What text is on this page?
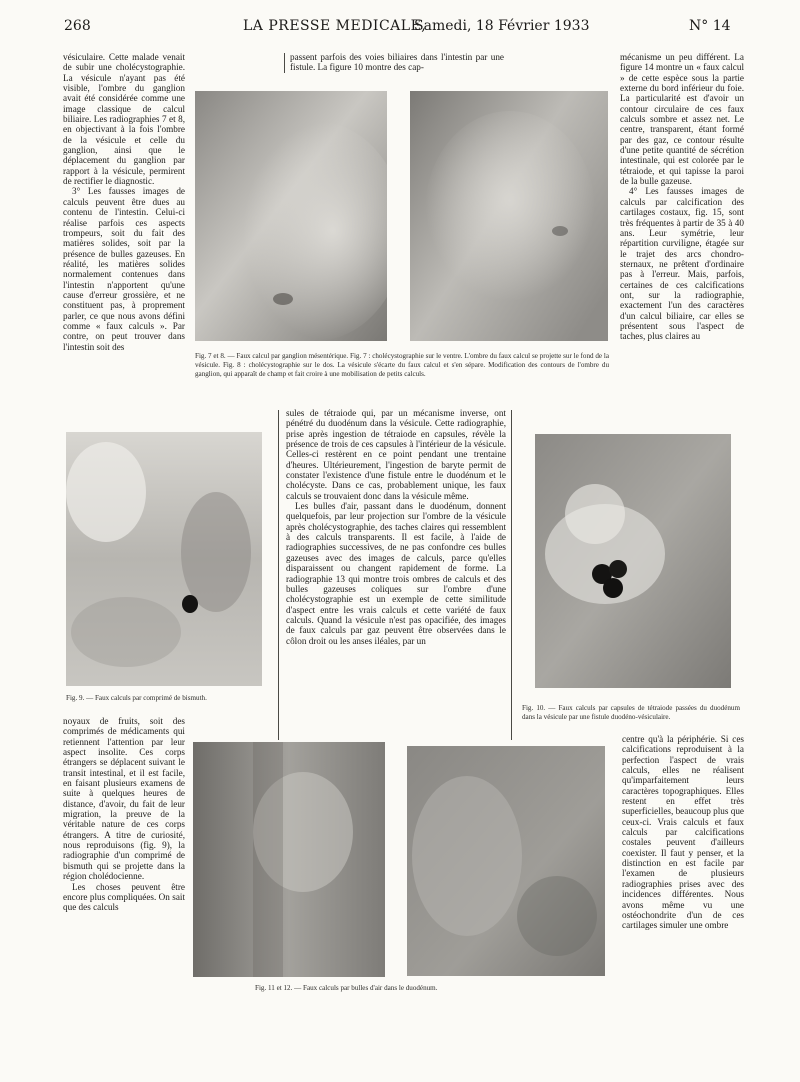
268	LA PRESSE MEDICALE,
Samedi, 18 Février 1933	N° 14

vésiculaire. Cette malade venait de subir une cholécystographie. La vésicule n'ayant pas été visible, l'ombre du ganglion avait été considérée comme une image classique de calcul biliaire. Les radiographies 7 et 8, en objectivant à la fois l'ombre de la vésicule et celle du ganglion, ainsi que le déplacement du ganglion par rapport à la vésicule, permirent de rectifier le diagnostic.

3° Les fausses images de calculs peuvent être dues au contenu de l'intestin. Celui-ci réalise parfois ces aspects trompeurs, soit du fait des matières solides, soit par la présence de bulles gazeuses. En réalité, les matières solides normalement contenues dans l'intestin n'apportent qu'une cause d'erreur grossière, et ne constituent pas, à proprement parler, ce que nous avons défini comme « faux calculs ». Par contre, on peut trouver dans l'intestin soit des

passent parfois des voies biliaires dans l'intestin par une fistule. La figure 10 montre des cap-

mécanisme un peu différent. La figure 14 montre un « faux calcul » de cette espèce sous la partie externe du bord inférieur du foie. La particularité est d'avoir un contour circulaire de ces faux calculs sombre et assez net. Le centre, transparent, étant formé par des gaz, ce contour résulte d'une petite quantité de sécrétion intestinale, qui est colorée par le tétraiode, et qui tapisse la paroi de la bulle gazeuse.

4° Les fausses images de calculs par calcification des cartilages costaux, fig. 15, sont très fréquentes à partir de 35 à 40 ans. Leur symétrie, leur répartition curviligne, étagée sur le trajet des arcs chondro-sternaux, ne prêtent d'ordinaire pas à l'erreur. Mais, parfois, certaines de ces calcifications ont, sur la radiographie, exactement l'un des caractères d'un calcul biliaire, car elles se présentent sous l'aspect de taches, plus claires au

Fig. 7 et 8. — Faux calcul par ganglion mésentérique. Fig. 7 : cholécystographie sur le ventre. L'ombre du faux calcul se projette sur le fond de la vésicule. Fig. 8 : cholécystographie sur le dos. La vésicule s'écarte du faux calcul et s'en sépare. Modification des contours de l'ombre du ganglion, qui apparaît de champ et fait croire à une mobilisation de petits calculs.
Fig. 9. — Faux calculs par comprimé de bismuth.

sules de tétraiode qui, par un mécanisme inverse, ont pénétré du duodénum dans la vésicule. Cette radiographie, prise après ingestion de tétraiode en capsules, révèle la présence de trois de ces capsules à l'intérieur de la vésicule. Celles-ci restèrent en ce point pendant une trentaine d'heures. Ultérieurement, l'ingestion de baryte permit de constater l'existence d'une fistule entre le duodénum et le cholécyste. Dans ce cas, probablement unique, les faux calculs se trouvaient donc dans la vésicule même.

Les bulles d'air, passant dans le duodénum, donnent quelquefois, par leur projection sur l'ombre de la vésicule après cholécystographie, des taches claires qui ressemblent à des calculs transparents. Il est facile, à l'aide de radiographies successives, de ne pas confondre ces bulles gazeuses avec des images de calculs, parce qu'elles disparaissent ou changent rapidement de forme. La radiographie 13 qui montre trois ombres de calculs et des bulles gazeuses coliques sur l'ombre d'une cholécystographie est un exemple de cette similitude d'aspect entre les vrais calculs et cette variété de faux calculs. Quand la vésicule n'est pas opacifiée, des images de faux calculs par gaz peuvent être observées dans le côlon droit ou les anses iléales, par un

Fig. 10. — Faux calculs par capsules de tétraiode passées du duodénum dans la vésicule par une fistule duodéno-vésiculaire.

noyaux de fruits, soit des comprimés de médicaments qui retiennent l'attention par leur aspect insolite. Ces corps étrangers se déplacent suivant le transit intestinal, et il est facile, en faisant plusieurs examens de suite à quelques heures de distance, d'avoir, du fait de leur migration, la preuve de la véritable nature de ces corps étrangers. A titre de curiosité, nous reproduisons (fig. 9), la radiographie d'un comprimé de bismuth qui se projette dans la région cholédocienne.

Les choses peuvent être encore plus compliquées. On sait que des calculs

Fig. 11 et 12. — Faux calculs par bulles d'air dans le duodénum.

centre qu'à la périphérie. Si ces calcifications reproduisent à la perfection l'aspect de vrais calculs, elles ne réalisent qu'imparfaitement leurs caractères topographiques. Elles restent en effet très superficielles, beaucoup plus que ceux-ci. Vrais calculs et faux calculs par calcifications costales peuvent d'ailleurs coexister. Il faut y penser, et la distinction en est facile par l'examen de plusieurs radiographies prises avec des incidences différentes. Nous avons même vu une ostéochondrite d'un de ces cartilages simuler une ombre
